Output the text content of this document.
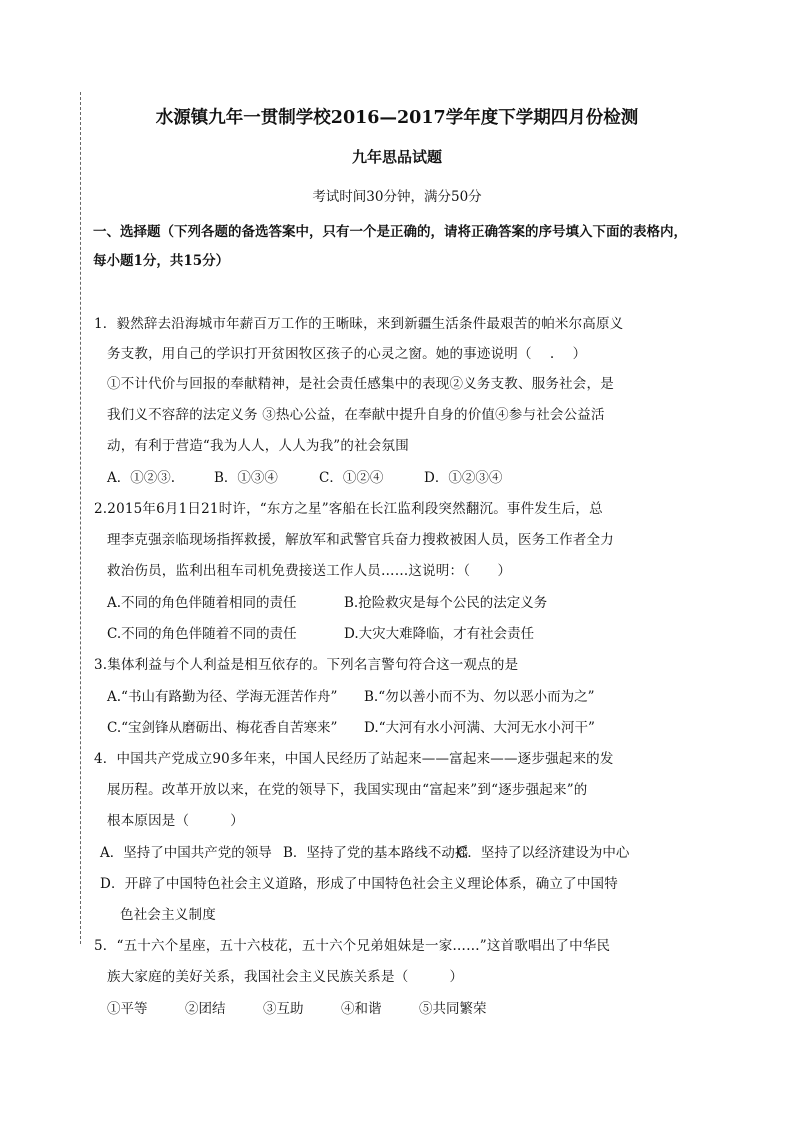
水源镇九年一贯制学校2016—2017学年度下学期四月份检测
九年思品试题
考试时间30分钟，满分50分
一、选择题（下列各题的备选答案中，只有一个是正确的，请将正确答案的序号填入下面的表格内，
每小题1分，共15分）
1．毅然辞去沿海城市年薪百万工作的王晰昧，来到新疆生活条件最艰苦的帕米尔高原义
务支教，用自己的学识打开贫困牧区孩子的心灵之窗。她的事迹说明（　 .　 ）
①不计代价与回报的奉献精神，是社会责任感集中的表现②义务支教、服务社会，是
我们义不容辞的法定义务 ③热心公益，在奉献中提升自身的价值④参与社会公益活
动，有利于营造“我为人人，人人为我”的社会氛围
A．①②③.	B．①③④	C．①②④	D．①②③④
2.2015年6月1日21时许，“东方之星”客船在长江监利段突然翻沉。事件发生后，总
理李克强亲临现场指挥救援，解放军和武警官兵奋力搜救被困人员，医务工作者全力
救治伤员，监利出租车司机免费接送工作人员……这说明：（　　）
A.不同的角色伴随着相同的责任	B.抢险救灾是每个公民的法定义务
C.不同的角色伴随着不同的责任	D.大灾大难降临，才有社会责任
3.集体利益与个人利益是相互依存的。下列名言警句符合这一观点的是
A.“书山有路勤为径、学海无涯苦作舟” B.“勿以善小而不为、勿以恶小而为之”
C.“宝剑锋从磨砺出、梅花香自苦寒来” D.“大河有水小河满、大河无水小河干”
4．中国共产党成立90多年来，中国人民经历了站起来——富起来——逐步强起来的发
展历程。改革开放以来，在党的领导下，我国实现由“富起来”到“逐步强起来”的
根本原因是（　　　）
A．坚持了中国共产党的领导 B．坚持了党的基本路线不动摇C．坚持了以经济建设为中心
D．开辟了中国特色社会主义道路，形成了中国特色社会主义理论体系，确立了中国特
色社会主义制度
5．“五十六个星座，五十六枝花，五十六个兄弟姐妹是一家……”这首歌唱出了中华民
族大家庭的美好关系，我国社会主义民族关系是（　　　）
①平等	②团结	③互助	④和谐	⑤共同繁荣
